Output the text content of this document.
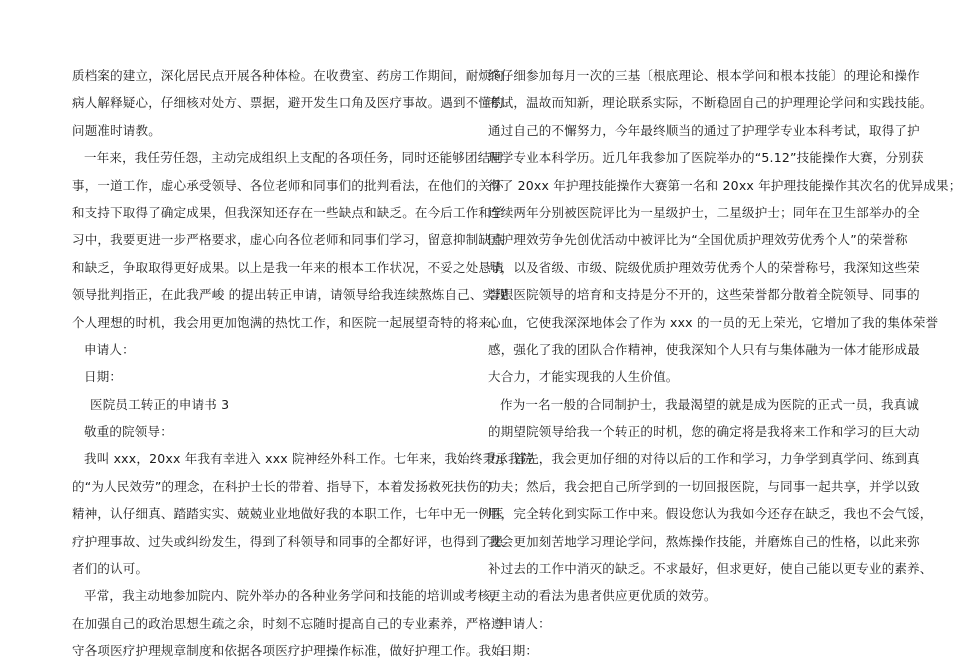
质档案的建立，深化居民点开展各种体检。在收费室、药房工作期间，耐烦向
病人解释疑心，仔细核对处方、票据，避开发生口角及医疗事故。遇到不懂的
问题准时请教。
一年来，我任劳任怨，主动完成组织上支配的各项任务，同时还能够团结同
事，一道工作，虚心承受领导、各位老师和同事们的批判看法，在他们的关怀
和支持下取得了确定成果，但我深知还存在一些缺点和缺乏。在今后工作和学
习中，我要更进一步严格要求，虚心向各位老师和同事们学习，留意抑制缺点
和缺乏，争取取得更好成果。以上是我一年来的根本工作状况，不妥之处恳请
领导批判指正，在此我严峻 的提出转正申请，请领导给我连续熬炼自己、实现
个人理想的时机，我会用更加饱满的热忱工作，和医院一起展望奇特的将来。
申请人：
日期：
医院员工转正的申请书 3
敬重的院领导：
我叫 xxx，20xx 年我有幸进入 xxx 院神经外科工作。七年来，我始终秉承我院
的“为人民效劳”的理念，在科护士长的带着、指导下，本着发扬救死扶伤的
精神，认仔细真、踏踏实实、兢兢业业地做好我的本职工作，七年中无一例医
疗护理事故、过失或纠纷发生，得到了科领导和同事的全都好评，也得到了患
者们的认可。
平常，我主动地参加院内、院外举办的各种业务学问和技能的培训或考核，
在加强自己的政治思想生疏之余，时刻不忘随时提高自己的专业素养，严格遵
守各项医疗护理规章制度和依据各项医疗护理操作标准，做好护理工作。我始
终仔细参加每月一次的三基〔根底理论、根本学问和根本技能〕的理论和操作
考试，温故而知新，理论联系实际，不断稳固自己的护理理论学问和实践技能。
通过自己的不懈努力，今年最终顺当的通过了护理学专业本科考试，取得了护
理学专业本科学历。近几年我参加了医院举办的“5.12”技能操作大赛，分别获
得了 20xx 年护理技能操作大赛第一名和 20xx 年护理技能操作其次名的优异成果；
连续两年分别被医院评比为一星级护士，二星级护士；同年在卫生部举办的全
国护理效劳争先创优活动中被评比为“全国优质护理效劳优秀个人”的荣誉称
号，以及省级、市级、院级优质护理效劳优秀个人的荣誉称号，我深知这些荣
誉跟医院领导的培育和支持是分不开的，这些荣誉都分散着全院领导、同事的
心血，它使我深深地体会了作为 xxx 的一员的无上荣光，它增加了我的集体荣誉
感，强化了我的团队合作精神，使我深知个人只有与集体融为一体才能形成最
大合力，才能实现我的人生价值。
作为一名一般的合同制护士，我最渴望的就是成为医院的正式一员，我真诚
的期望院领导给我一个转正的时机，您的确定将是我将来工作和学习的巨大动
力，首先，我会更加仔细的对待以后的工作和学习，力争学到真学问、练到真
功夫；然后，我会把自己所学到的一切回报医院，与同事一起共享，并学以致
用，完全转化到实际工作中来。假设您认为我如今还存在缺乏，我也不会气馁，
我会更加刻苦地学习理论学问，熬炼操作技能，并磨炼自己的性格，以此来弥
补过去的工作中消灭的缺乏。不求最好，但求更好，使自己能以更专业的素养、
更主动的看法为患者供应更优质的效劳。
申请人：
日期：
